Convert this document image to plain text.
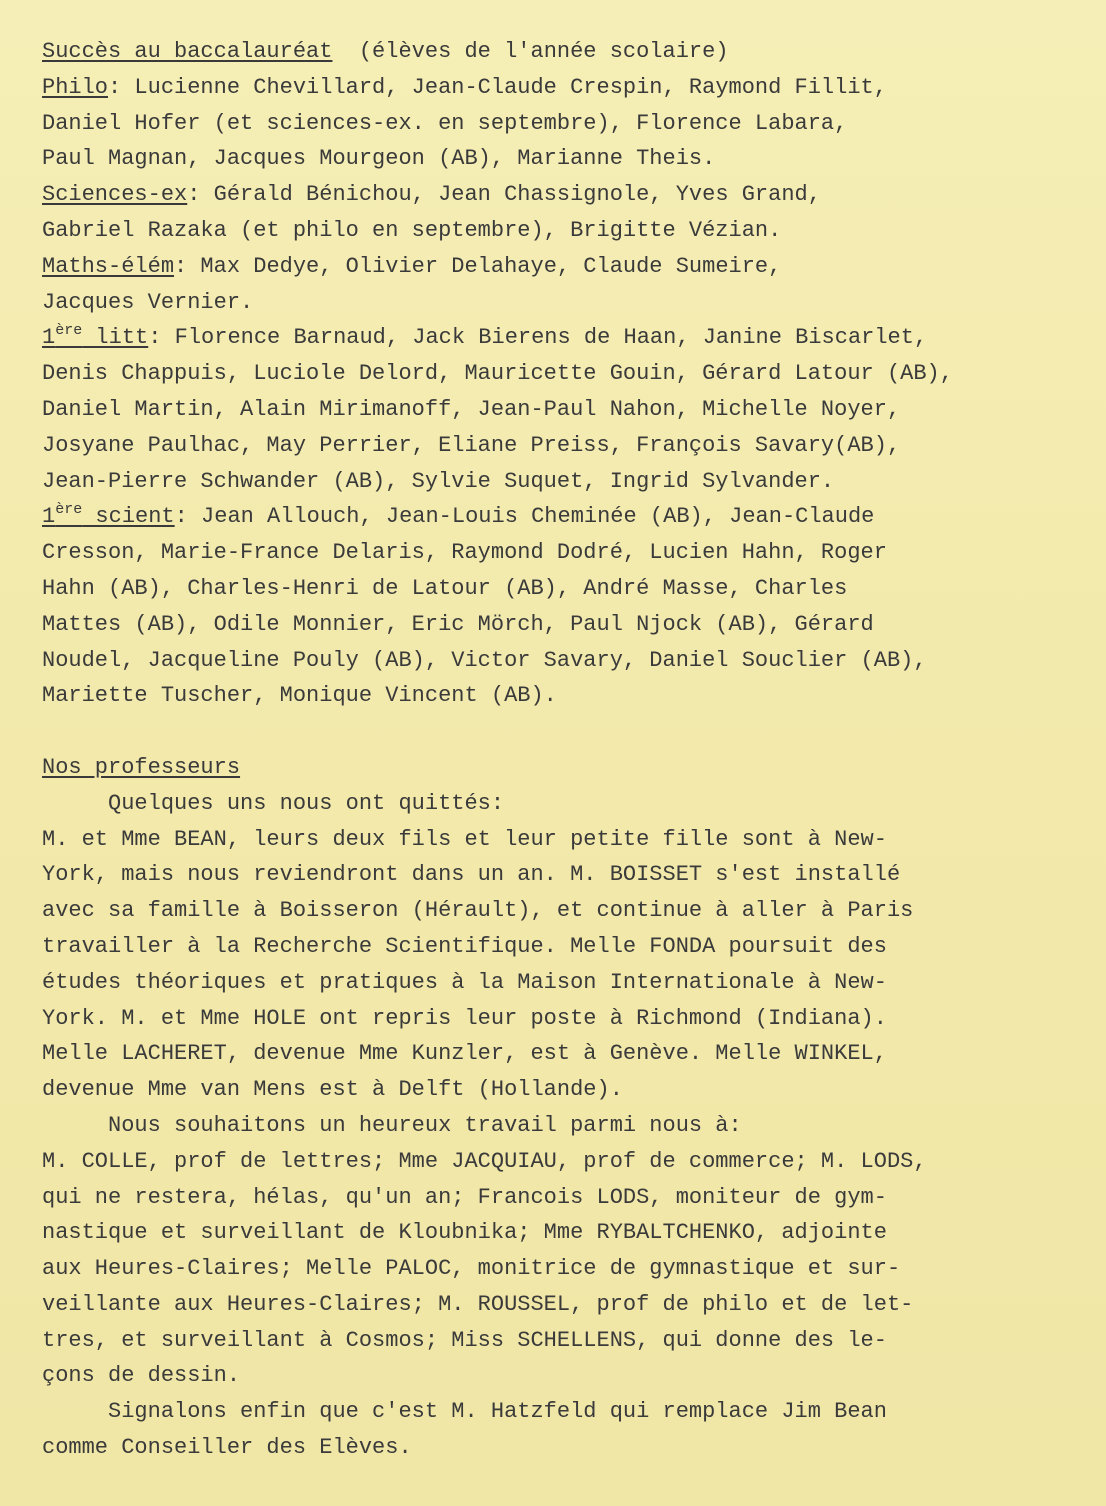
Succès au baccalauréat  (élèves de l'année scolaire)
Philo: Lucienne Chevillard, Jean-Claude Crespin, Raymond Fillit,
Daniel Hofer (et sciences-ex. en septembre), Florence Labara,
Paul Magnan, Jacques Mourgeon (AB), Marianne Theis.
Sciences-ex: Gérald Bénichou, Jean Chassignole, Yves Grand,
Gabriel Razaka (et philo en septembre), Brigitte Vézian.
Maths-élém: Max Dedye, Olivier Delahaye, Claude Sumeire,
Jacques Vernier.
1ère litt: Florence Barnaud, Jack Bierens de Haan, Janine Biscarlet,
Denis Chappuis, Luciole Delord, Mauricette Gouin, Gérard Latour (AB),
Daniel Martin, Alain Mirimanoff, Jean-Paul Nahon, Michelle Noyer,
Josyane Paulhac, May Perrier, Eliane Preiss, François Savary(AB),
Jean-Pierre Schwander (AB), Sylvie Suquet, Ingrid Sylvander.
1ère scient: Jean Allouch, Jean-Louis Cheminée (AB), Jean-Claude
Cresson, Marie-France Delaris, Raymond Dodré, Lucien Hahn, Roger
Hahn (AB), Charles-Henri de Latour (AB), André Masse, Charles
Mattes (AB), Odile Monnier, Eric Mörch, Paul Njock (AB), Gérard
Noudel, Jacqueline Pouly (AB), Victor Savary, Daniel Souclier (AB),
Mariette Tuscher, Monique Vincent (AB).
Nos professeurs
Quelques uns nous ont quittés:
M. et Mme BEAN, leurs deux fils et leur petite fille sont à New-
York, mais nous reviendront dans un an. M. BOISSET s'est installé
avec sa famille à Boisseron (Hérault), et continue à aller à Paris
travailler à la Recherche Scientifique. Melle FONDA poursuit des
études théoriques et pratiques à la Maison Internationale à New-
York. M. et Mme HOLE ont repris leur poste à Richmond (Indiana).
Melle LACHERET, devenue Mme Kunzler, est à Genève. Melle WINKEL,
devenue Mme van Mens est à Delft (Hollande).
Nous souhaitons un heureux travail parmi nous à:
M. COLLE, prof de lettres; Mme JACQUIAU, prof de commerce; M. LODS,
qui ne restera, hélas, qu'un an; Francois LODS, moniteur de gym-
nastique et surveillant de Kloubnika; Mme RYBALTCHENKO, adjointe
aux Heures-Claires; Melle PALOC, monitrice de gymnastique et sur-
veillante aux Heures-Claires; M. ROUSSEL, prof de philo et de let-
tres, et surveillant à Cosmos; Miss SCHELLENS, qui donne des le-
çons de dessin.
Signalons enfin que c'est M. Hatzfeld qui remplace Jim Bean
comme Conseiller des Elèves.
